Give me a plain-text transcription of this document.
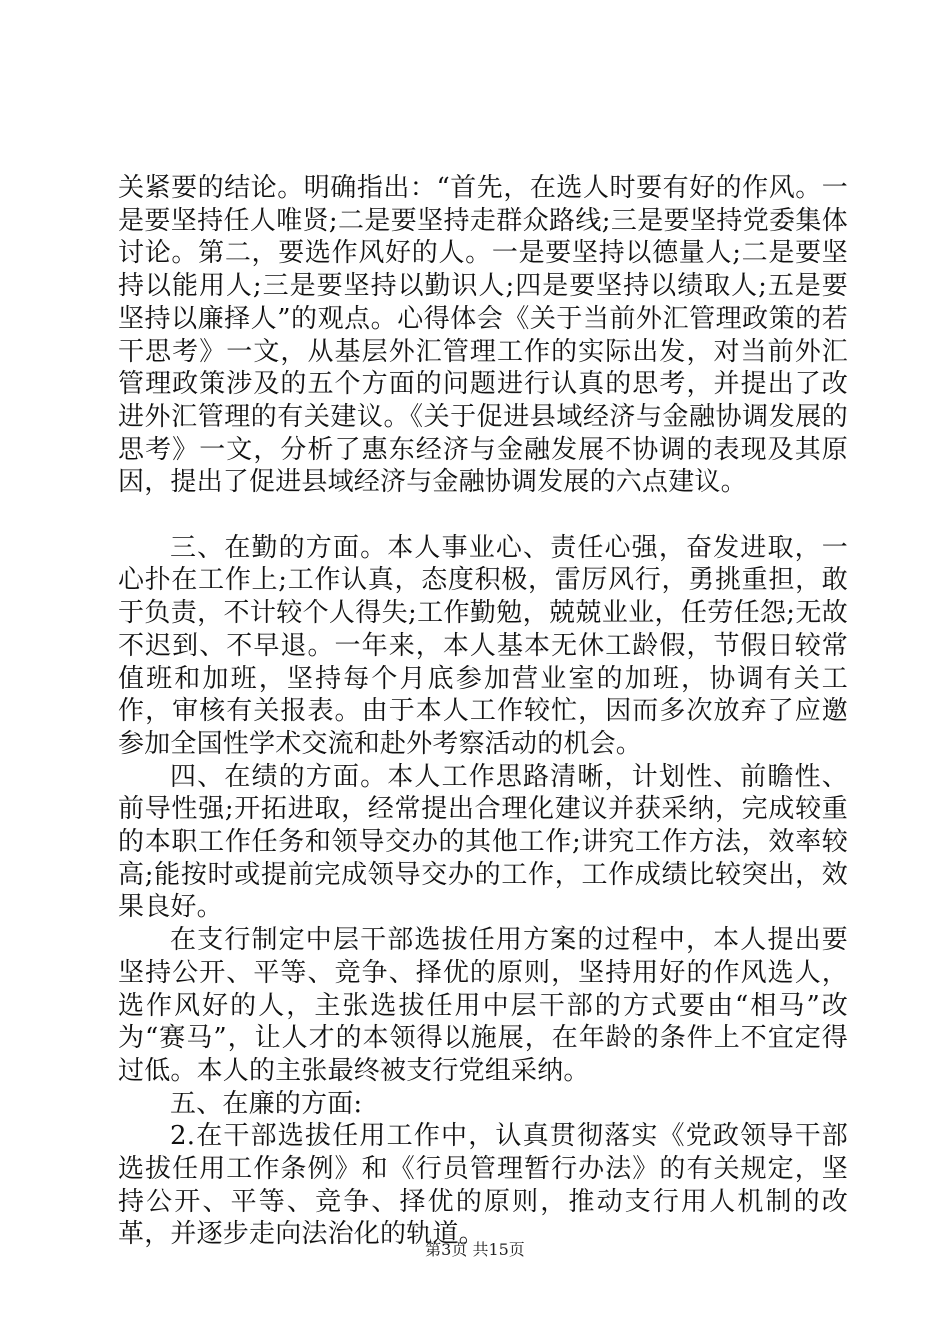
关紧要的结论。明确指出：“首先，在选人时要有好的作风。一是要坚持任人唯贤;二是要坚持走群众路线;三是要坚持党委集体讨论。第二，要选作风好的人。一是要坚持以德量人;二是要坚持以能用人;三是要坚持以勤识人;四是要坚持以绩取人;五是要坚持以廉择人”的观点。心得体会《关于当前外汇管理政策的若干思考》一文，从基层外汇管理工作的实际出发，对当前外汇管理政策涉及的五个方面的问题进行认真的思考，并提出了改进外汇管理的有关建议。《关于促进县域经济与金融协调发展的思考》一文，分析了惠东经济与金融发展不协调的表现及其原因，提出了促进县域经济与金融协调发展的六点建议。

三、在勤的方面。本人事业心、责任心强，奋发进取，一心扑在工作上;工作认真，态度积极，雷厉风行，勇挑重担，敢于负责，不计较个人得失;工作勤勉，兢兢业业，任劳任怨;无故不迟到、不早退。一年来，本人基本无休工龄假，节假日较常值班和加班，坚持每个月底参加营业室的加班，协调有关工作，审核有关报表。由于本人工作较忙，因而多次放弃了应邀参加全国性学术交流和赴外考察活动的机会。

四、在绩的方面。本人工作思路清晰，计划性、前瞻性、前导性强;开拓进取，经常提出合理化建议并获采纳，完成较重的本职工作任务和领导交办的其他工作;讲究工作方法，效率较高;能按时或提前完成领导交办的工作，工作成绩比较突出，效果良好。

在支行制定中层干部选拔任用方案的过程中，本人提出要坚持公开、平等、竞争、择优的原则，坚持用好的作风选人，选作风好的人，主张选拔任用中层干部的方式要由“相马”改为“赛马”，让人才的本领得以施展，在年龄的条件上不宜定得过低。本人的主张最终被支行党组采纳。

五、在廉的方面:

2.在干部选拔任用工作中，认真贯彻落实《党政领导干部选拔任用工作条例》和《行员管理暂行办法》的有关规定，坚持公开、平等、竞争、择优的原则，推动支行用人机制的改革，并逐步走向法治化的轨道。

第3页 共15页
